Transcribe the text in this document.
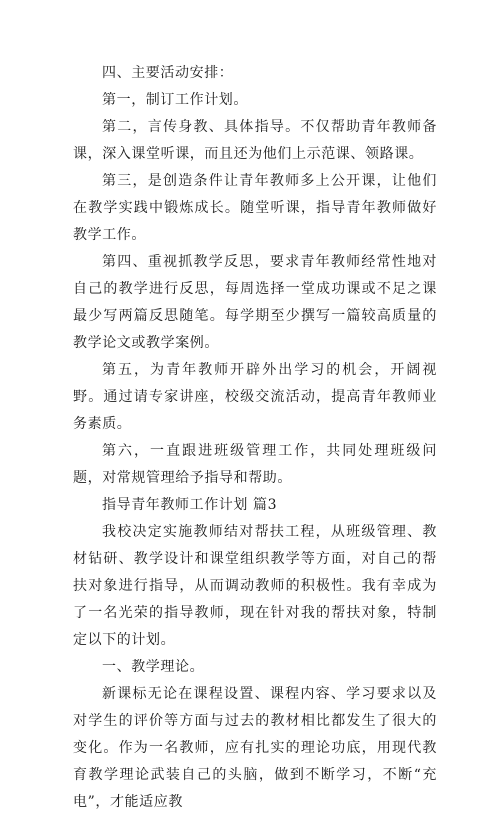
四、主要活动安排：

第一，制订工作计划。

第二，言传身教、具体指导。不仅帮助青年教师备课，深入课堂听课，而且还为他们上示范课、领路课。

第三，是创造条件让青年教师多上公开课，让他们在教学实践中锻炼成长。随堂听课，指导青年教师做好教学工作。

第四、重视抓教学反思，要求青年教师经常性地对自己的教学进行反思，每周选择一堂成功课或不足之课最少写两篇反思随笔。每学期至少撰写一篇较高质量的教学论文或教学案例。

第五，为青年教师开辟外出学习的机会，开阔视野。通过请专家讲座，校级交流活动，提高青年教师业务素质。

第六，一直跟进班级管理工作，共同处理班级问题，对常规管理给予指导和帮助。

指导青年教师工作计划 篇3

我校决定实施教师结对帮扶工程，从班级管理、教材钻研、教学设计和课堂组织教学等方面，对自己的帮扶对象进行指导，从而调动教师的积极性。我有幸成为了一名光荣的指导教师，现在针对我的帮扶对象，特制定以下的计划。

一、教学理论。

新课标无论在课程设置、课程内容、学习要求以及对学生的评价等方面与过去的教材相比都发生了很大的变化。作为一名教师，应有扎实的理论功底，用现代教育教学理论武装自己的头脑，做到不断学习，不断“充电”，才能适应教
